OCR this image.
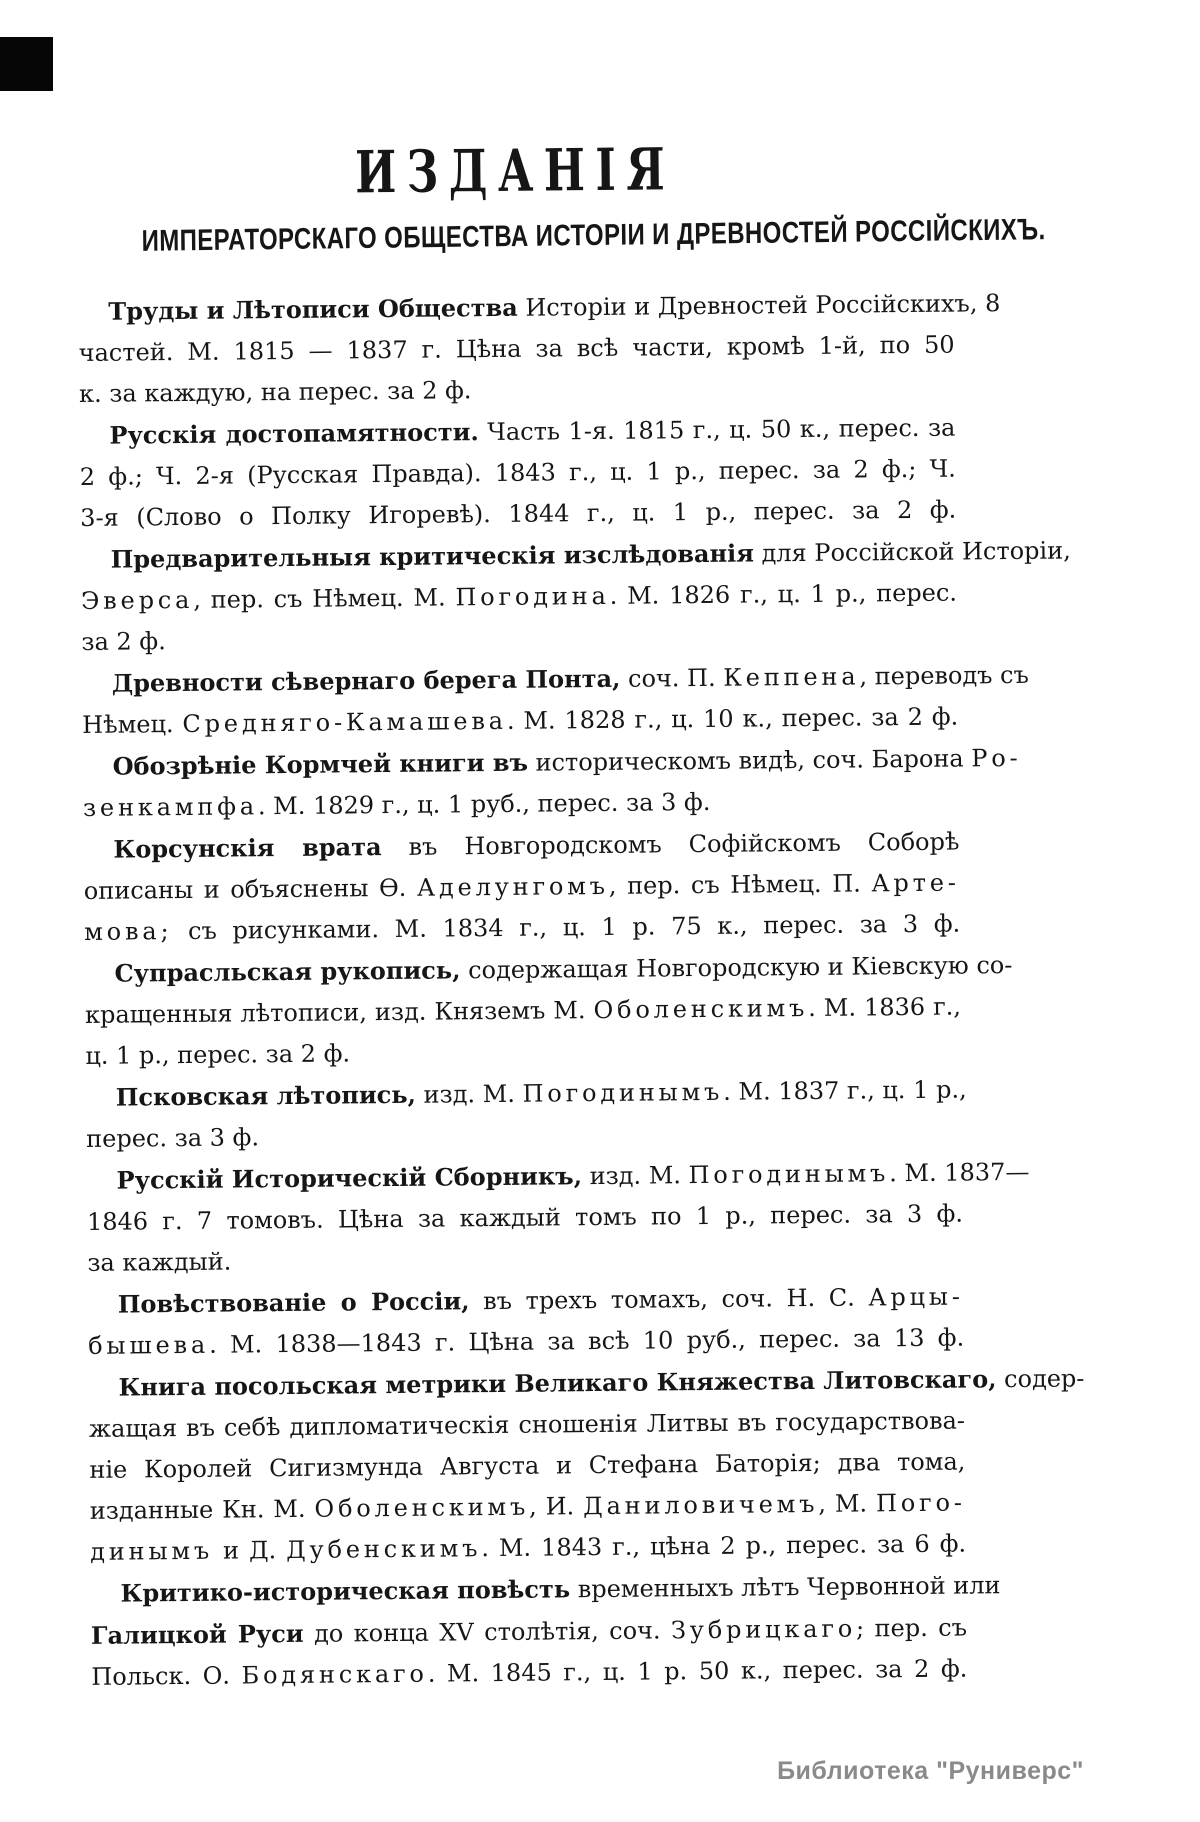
ИЗДАНІЯ
ИМПЕРАТОРСКАГО ОБЩЕСТВА ИСТОРІИ И ДРЕВНОСТЕЙ РОССІЙСКИХЪ.
Труды и Лѣтописи Общества Исторіи и Древностей Россійскихъ, 8
частей. М. 1815 — 1837 г. Цѣна за всѣ части, кромѣ 1-й, по 50
к. за каждую, на перес. за 2 ф.
Русскія достопамятности. Часть 1-я. 1815 г., ц. 50 к., перес. за
2 ф.; Ч. 2-я (Русская Правда). 1843 г., ц. 1 р., перес. за 2 ф.; Ч.
3-я (Слово о Полку Игоревѣ). 1844 г., ц. 1 р., перес. за 2 ф.
Предварительныя критическія изслѣдованія для Россійской Исторіи,
Эверса, пер. съ Нѣмец. М. Погодина. М. 1826 г., ц. 1 р., перес.
за 2 ф.
Древности сѣвернаго берега Понта, соч. П. Кеппена, переводъ съ
Нѣмец. Средняго-Камашева. М. 1828 г., ц. 10 к., перес. за 2 ф.
Обозрѣніе Кормчей книги въ историческомъ видѣ, соч. Барона Ро-
зенкампфа. М. 1829 г., ц. 1 руб., перес. за 3 ф.
Корсунскія врата въ Новгородскомъ Софійскомъ Соборѣ
описаны и объяснены Ѳ. Аделунгомъ, пер. съ Нѣмец. П. Арте-
мова; съ рисунками. М. 1834 г., ц. 1 р. 75 к., перес. за 3 ф.
Супрасльская рукопись, содержащая Новгородскую и Кіевскую со-
кращенныя лѣтописи, изд. Княземъ М. Оболенскимъ. М. 1836 г.,
ц. 1 р., перес. за 2 ф.
Псковская лѣтопись, изд. М. Погодинымъ. М. 1837 г., ц. 1 р.,
перес. за 3 ф.
Русскій Историческій Сборникъ, изд. М. Погодинымъ. М. 1837—
1846 г. 7 томовъ. Цѣна за каждый томъ по 1 р., перес. за 3 ф.
за каждый.
Повѣствованіе о Россіи, въ трехъ томахъ, соч. Н. С. Арцы-
бышева. М. 1838—1843 г. Цѣна за всѣ 10 руб., перес. за 13 ф.
Книга посольская метрики Великаго Княжества Литовскаго, содер-
жащая въ себѣ дипломатическія сношенія Литвы въ государствова-
ніе Королей Сигизмунда Августа и Стефана Баторія; два тома,
изданные Кн. М. Оболенскимъ, И. Даниловичемъ, М. Пого-
динымъ и Д. Дубенскимъ. М. 1843 г., цѣна 2 р., перес. за 6 ф.
Критико-историческая повѣсть временныхъ лѣтъ Червонной или
Галицкой Руси до конца XV столѣтія, соч. Зубрицкаго; пер. съ
Польск. О. Бодянскаго. М. 1845 г., ц. 1 р. 50 к., перес. за 2 ф.
Библиотека "Руниверс"
